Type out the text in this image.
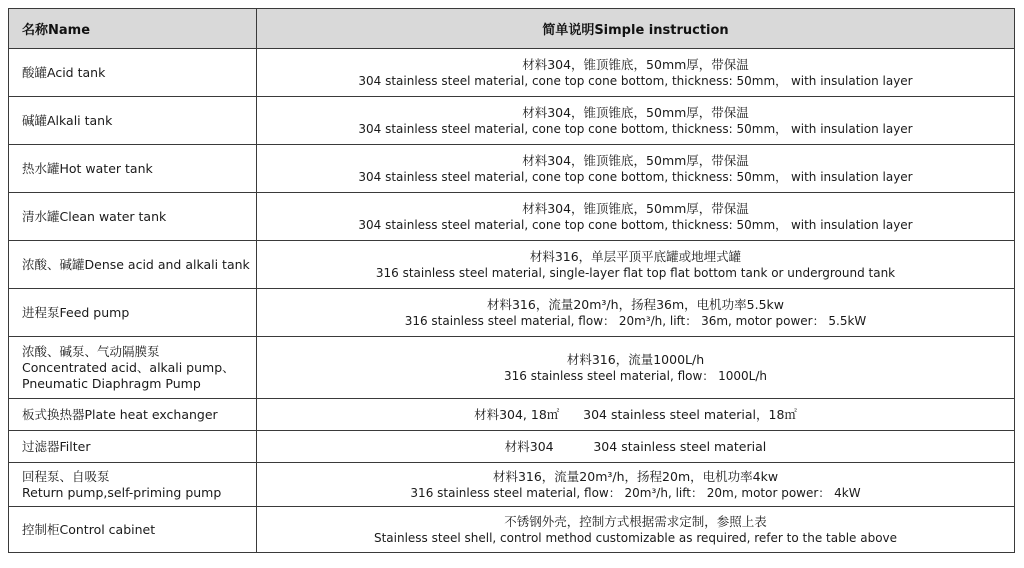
名称Name	简单说明Simple instruction

酸罐Acid tank	材料304，锥顶锥底，50mm厚，带保温
304 stainless steel material, cone top cone bottom, thickness: 50mm， with insulation layer

碱罐Alkali tank	材料304，锥顶锥底，50mm厚，带保温
304 stainless steel material, cone top cone bottom, thickness: 50mm， with insulation layer

热水罐Hot water tank	材料304，锥顶锥底，50mm厚，带保温
304 stainless steel material, cone top cone bottom, thickness: 50mm， with insulation layer

清水罐Clean water tank	材料304，锥顶锥底，50mm厚，带保温
304 stainless steel material, cone top cone bottom, thickness: 50mm， with insulation layer

浓酸、碱罐Dense acid and alkali tank	材料316，单层平顶平底罐或地埋式罐
316 stainless steel material, single-layer flat top flat bottom tank or underground tank

进程泵Feed pump	材料316，流量20m³/h，扬程36m，电机功率5.5kw
316 stainless steel material, flow： 20m³/h, lift： 36m, motor power： 5.5kW

浓酸、碱泵、气动隔膜泵
Concentrated acid、alkali pump、
Pneumatic Diaphragm Pump	材料316，流量1000L/h
316 stainless steel material, flow： 1000L/h

板式换热器Plate heat exchanger	材料304, 18㎡      304 stainless steel material，18㎡

过滤器Filter	材料304          304 stainless steel material

回程泵、自吸泵
Return pump,self-priming pump	材料316，流量20m³/h，扬程20m，电机功率4kw
316 stainless steel material, flow： 20m³/h, lift： 20m, motor power： 4kW

控制柜Control cabinet	不锈钢外壳，控制方式根据需求定制，参照上表
Stainless steel shell, control method customizable as required, refer to the table above
